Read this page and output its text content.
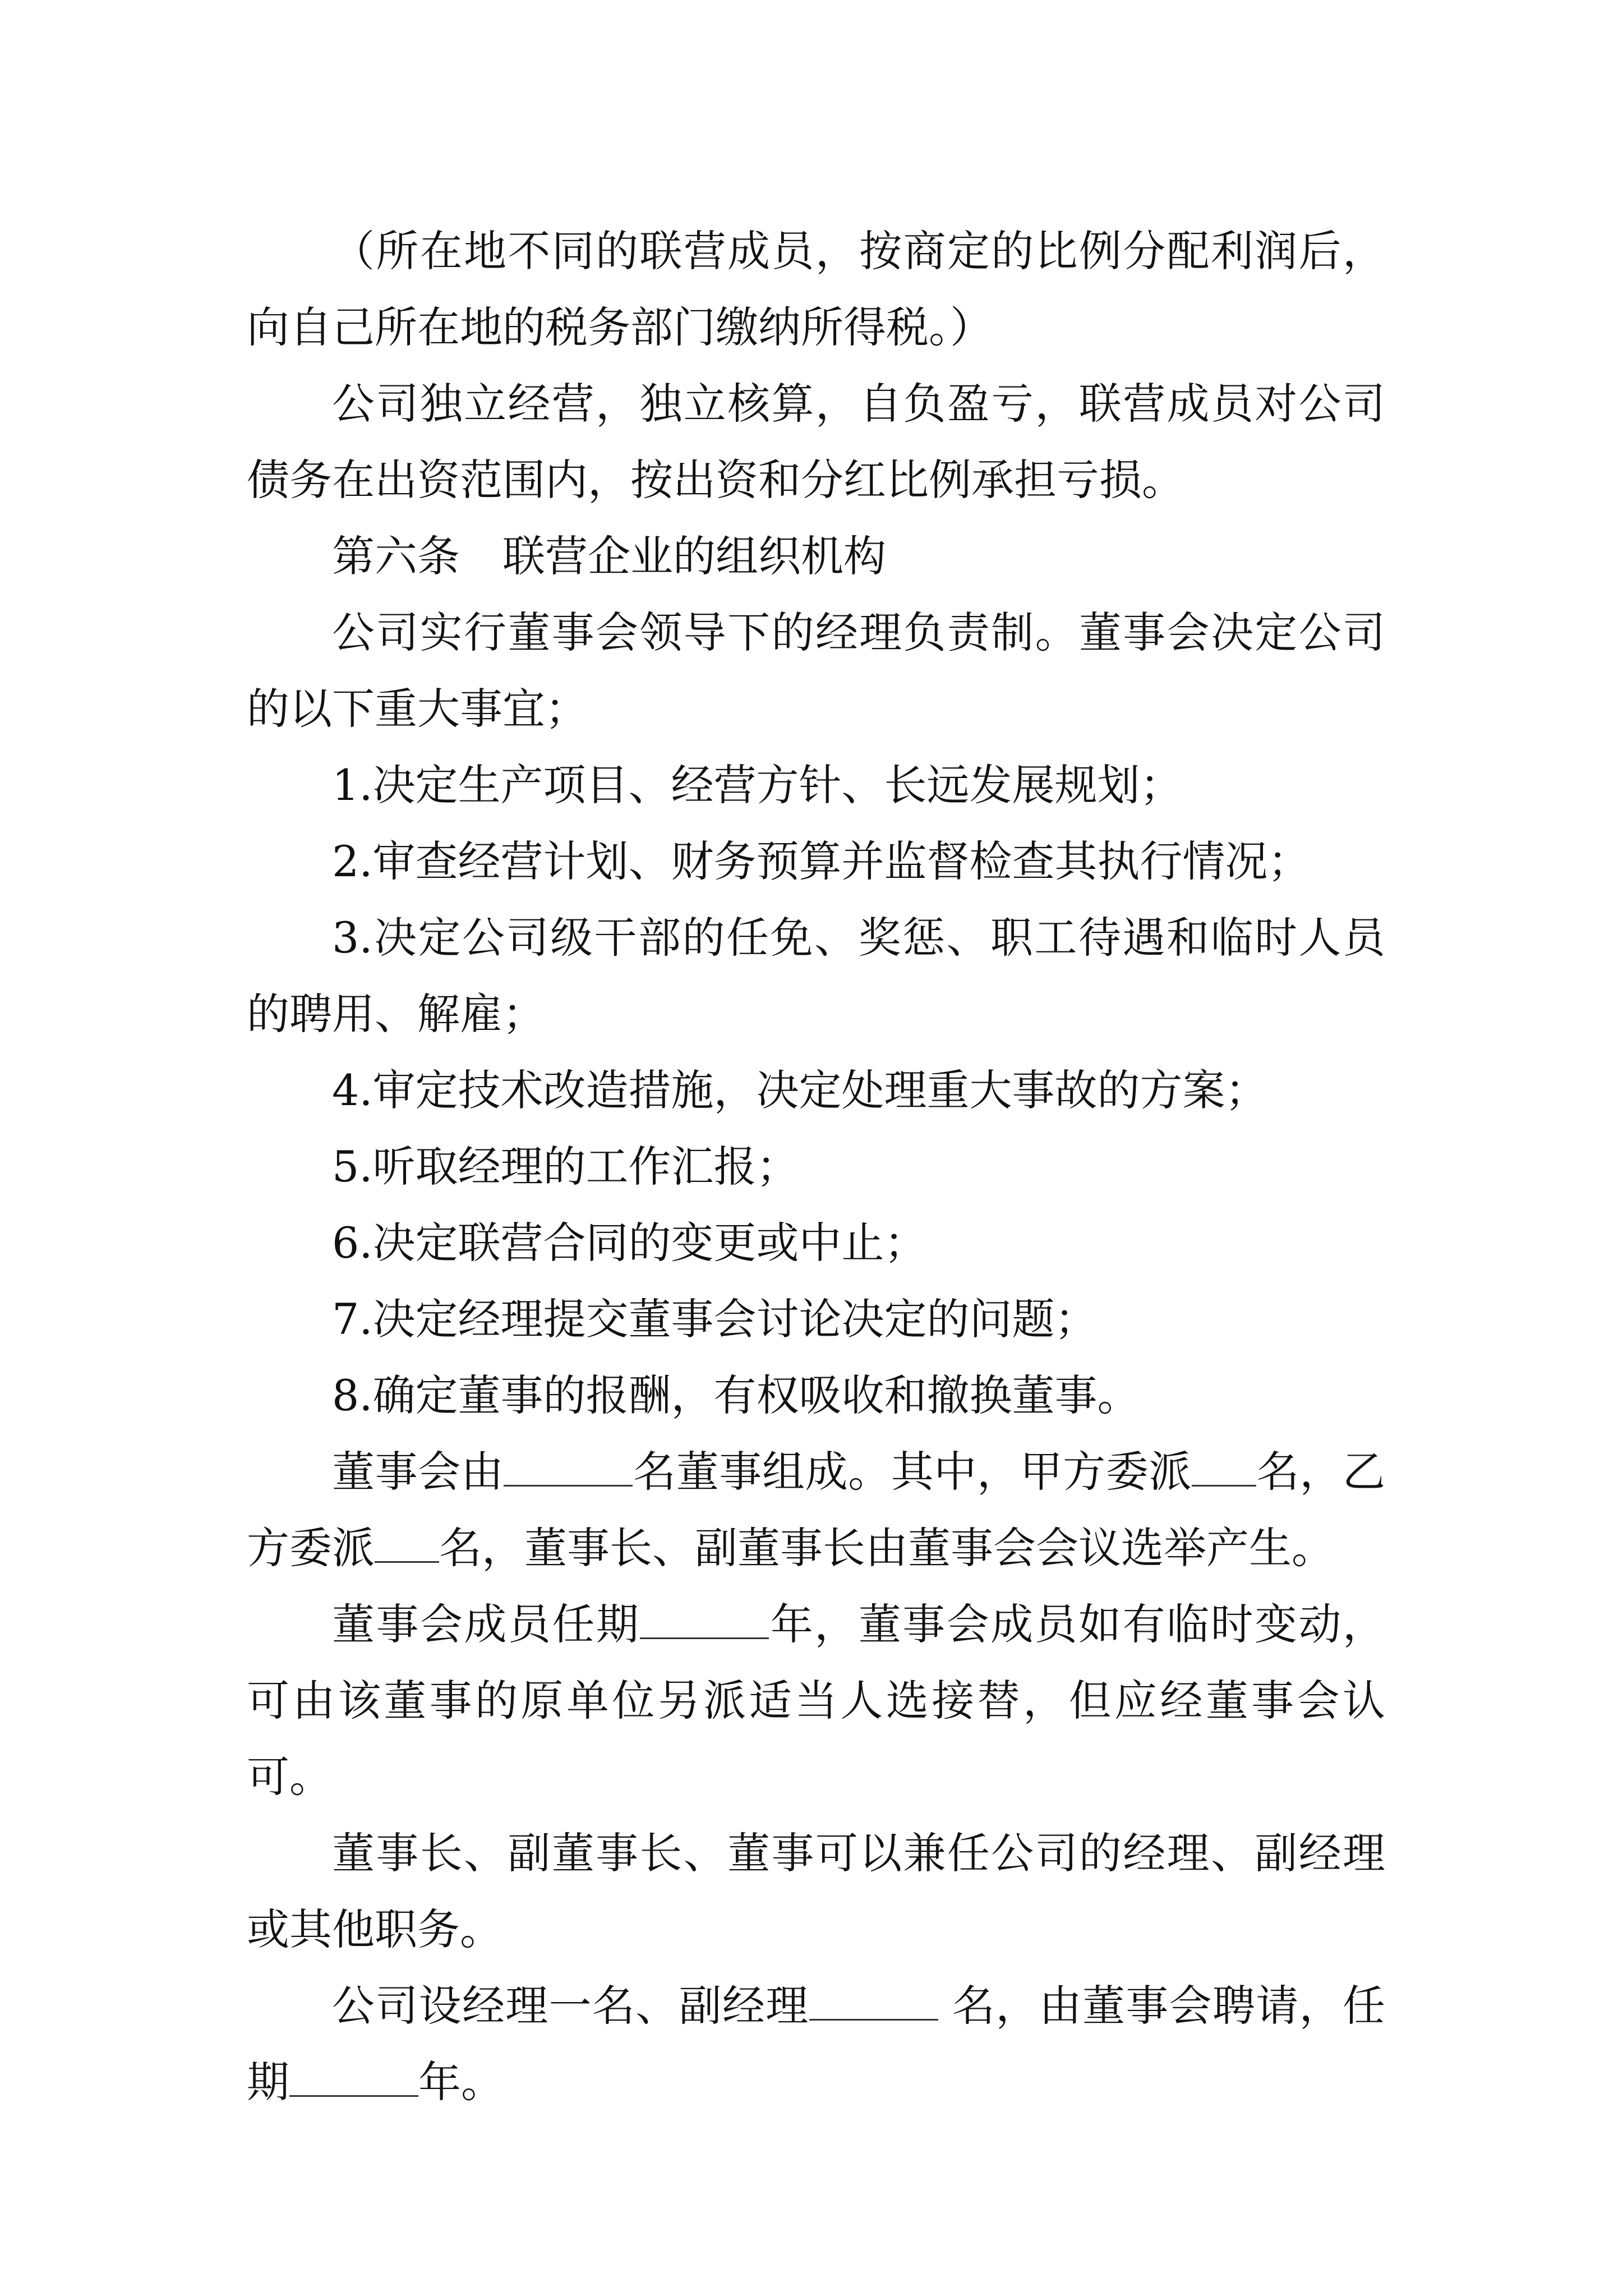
（所在地不同的联营成员，按商定的比例分配利润后，向自己所在地的税务部门缴纳所得税。）

公司独立经营，独立核算，自负盈亏，联营成员对公司债务在出资范围内，按出资和分红比例承担亏损。

第六条　联营企业的组织机构

公司实行董事会领导下的经理负责制。董事会决定公司的以下重大事宜；

1.决定生产项目、经营方针、长远发展规划；

2.审查经营计划、财务预算并监督检查其执行情况；

3.决定公司级干部的任免、奖惩、职工待遇和临时人员的聘用、解雇；

4.审定技术改造措施，决定处理重大事故的方案；

5.听取经理的工作汇报；

6.决定联营合同的变更或中止；

7.决定经理提交董事会讨论决定的问题；

8.确定董事的报酬，有权吸收和撤换董事。

董事会由	名董事组成。其中，甲方委派 名，乙方委派 名，董事长、副董事长由董事会会议选举产生。

董事会成员任期	年，董事会成员如有临时变动，可由该董事的原单位另派适当人选接替，但应经董事会认可。

董事长、副董事长、董事可以兼任公司的经理、副经理或其他职务。

公司设经理一名、副经理	名，由董事会聘请，任期	年。
